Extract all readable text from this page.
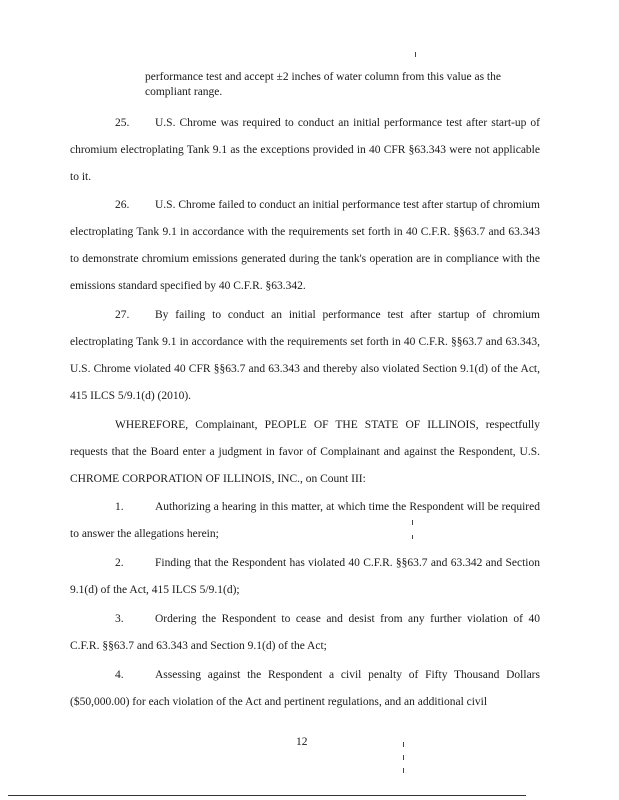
performance test and accept ±2 inches of water column from this value as the compliant range.

25. U.S. Chrome was required to conduct an initial performance test after start-up of chromium electroplating Tank 9.1 as the exceptions provided in 40 CFR §63.343 were not applicable to it.

26. U.S. Chrome failed to conduct an initial performance test after startup of chromium electroplating Tank 9.1 in accordance with the requirements set forth in 40 C.F.R. §§63.7 and 63.343 to demonstrate chromium emissions generated during the tank's operation are in compliance with the emissions standard specified by 40 C.F.R. §63.342.

27. By failing to conduct an initial performance test after startup of chromium electroplating Tank 9.1 in accordance with the requirements set forth in 40 C.F.R. §§63.7 and 63.343, U.S. Chrome violated 40 CFR §§63.7 and 63.343 and thereby also violated Section 9.1(d) of the Act, 415 ILCS 5/9.1(d) (2010).

WHEREFORE, Complainant, PEOPLE OF THE STATE OF ILLINOIS, respectfully requests that the Board enter a judgment in favor of Complainant and against the Respondent, U.S. CHROME CORPORATION OF ILLINOIS, INC., on Count III:

1.	Authorizing a hearing in this matter, at which time the Respondent will be required to answer the allegations herein;

2.	Finding that the Respondent has violated 40 C.F.R. §§63.7 and 63.342 and Section 9.1(d) of the Act, 415 ILCS 5/9.1(d);

3.	Ordering the Respondent to cease and desist from any further violation of 40 C.F.R. §§63.7 and 63.343 and Section 9.1(d) of the Act;

4.	Assessing against the Respondent a civil penalty of Fifty Thousand Dollars ($50,000.00) for each violation of the Act and pertinent regulations, and an additional civil

12
